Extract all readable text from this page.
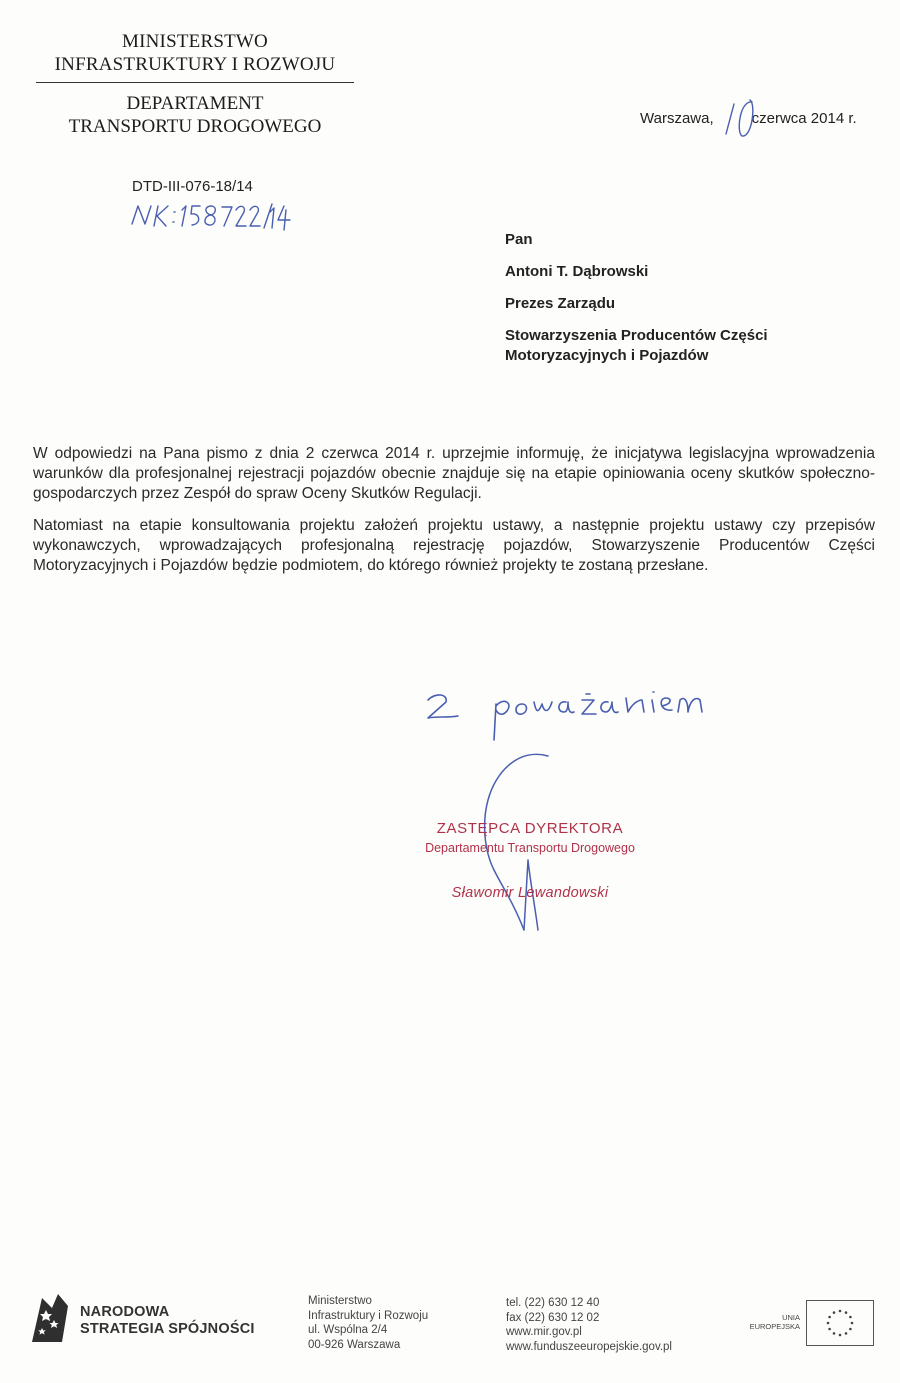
MINISTERSTWO
INFRASTRUKTURY I ROZWOJU
DEPARTAMENT
TRANSPORTU DROGOWEGO
DTD-III-076-18/14
Warszawa,	czerwca 2014 r.
Pan
Antoni T. Dąbrowski
Prezes Zarządu
Stowarzyszenia Producentów Części
Motoryzacyjnych i Pojazdów
W odpowiedzi na Pana pismo z dnia 2 czerwca 2014 r. uprzejmie informuję, że inicjatywa legislacyjna wprowadzenia warunków dla profesjonalnej rejestracji pojazdów obecnie znajduje się na etapie opiniowania oceny skutków społeczno-gospodarczych przez Zespół do spraw Oceny Skutków Regulacji.
Natomiast na etapie konsultowania projektu założeń projektu ustawy, a następnie projektu ustawy czy przepisów wykonawczych, wprowadzających profesjonalną rejestrację pojazdów, Stowarzyszenie Producentów Części Motoryzacyjnych i Pojazdów będzie podmiotem, do którego również projekty te zostaną przesłane.
ZASTĘPCA DYREKTORA
Departamentu Transportu Drogowego
Sławomir Lewandowski
NARODOWA
STRATEGIA SPÓJNOŚCI
Ministerstwo
Infrastruktury i Rozwoju
ul. Wspólna 2/4
00-926 Warszawa
tel. (22) 630 12 40
fax (22) 630 12 02
www.mir.gov.pl
www.funduszeeuropejskie.gov.pl
UNIA
EUROPEJSKA
